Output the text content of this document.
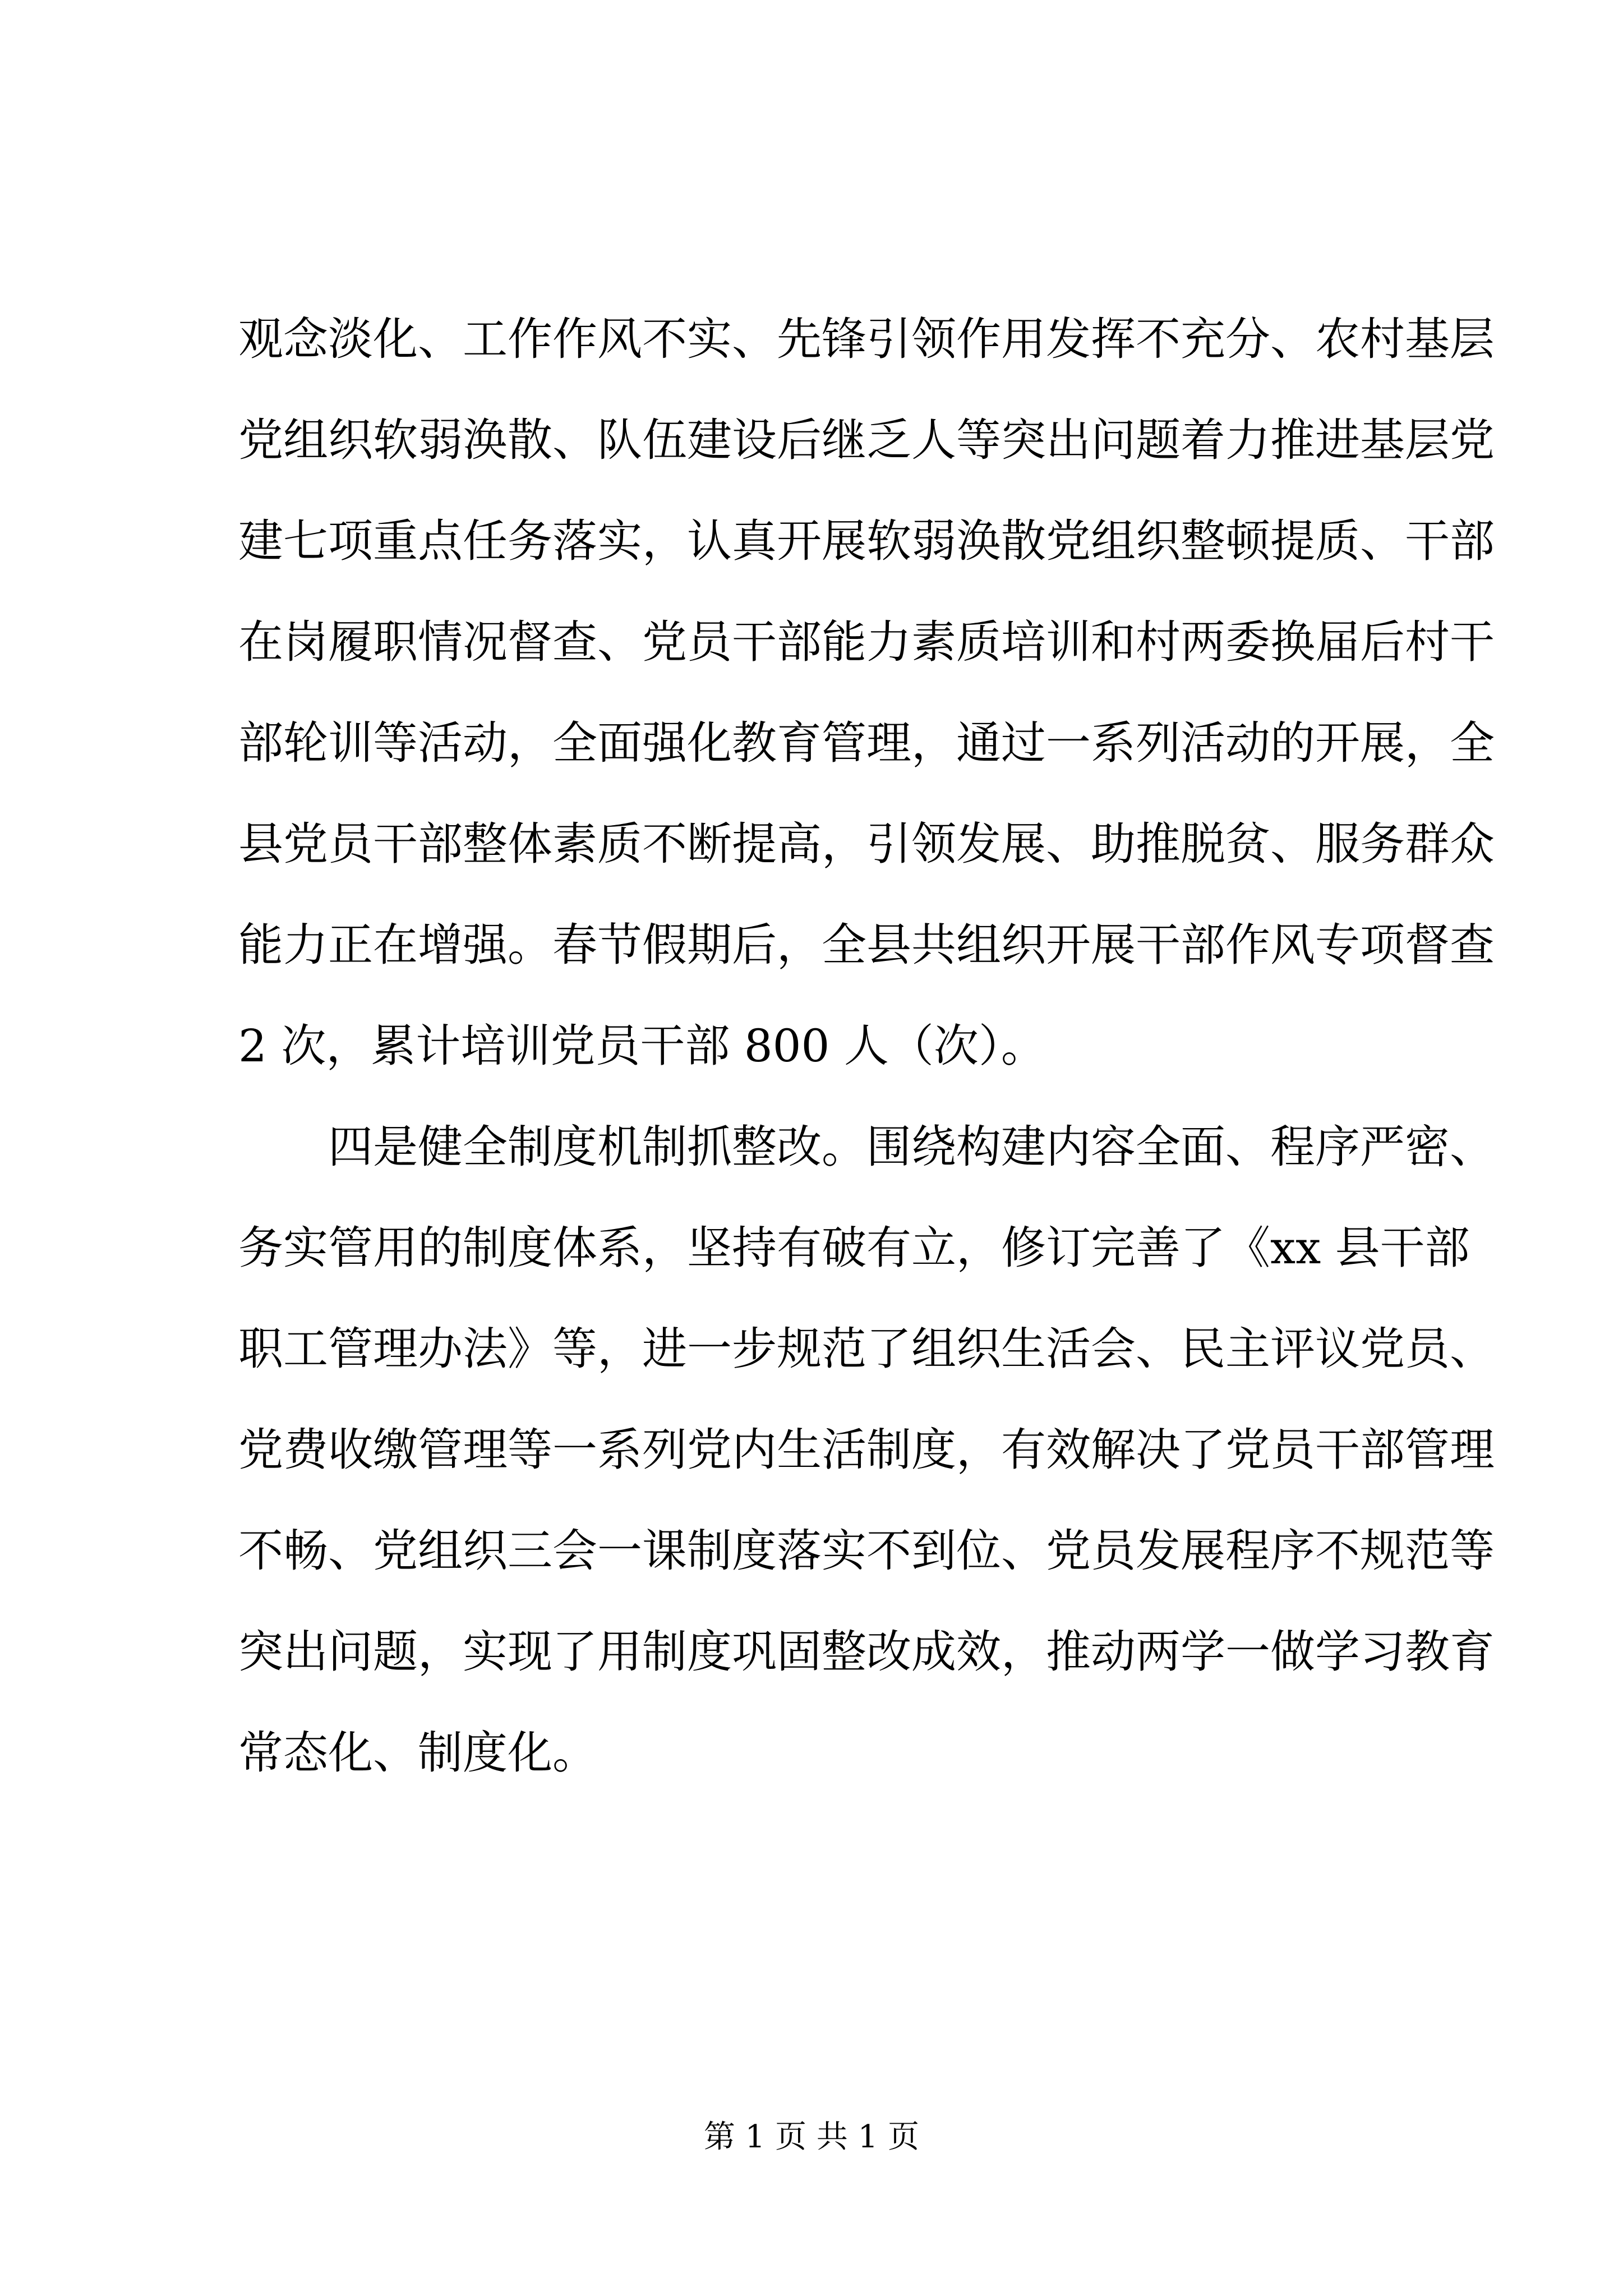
观念淡化、工作作风不实、先锋引领作用发挥不充分、农村基层
党组织软弱涣散、队伍建设后继乏人等突出问题着力推进基层党
建七项重点任务落实，认真开展软弱涣散党组织整顿提质、干部
在岗履职情况督查、党员干部能力素质培训和村两委换届后村干
部轮训等活动，全面强化教育管理，通过一系列活动的开展，全
县党员干部整体素质不断提高，引领发展、助推脱贫、服务群众
能力正在增强。春节假期后，全县共组织开展干部作风专项督查
2 次，累计培训党员干部 800 人（次）。
四是健全制度机制抓整改。围绕构建内容全面、程序严密、
务实管用的制度体系，坚持有破有立，修订完善了《xx 县干部
职工管理办法》等，进一步规范了组织生活会、民主评议党员、
党费收缴管理等一系列党内生活制度，有效解决了党员干部管理
不畅、党组织三会一课制度落实不到位、党员发展程序不规范等
突出问题，实现了用制度巩固整改成效，推动两学一做学习教育
常态化、制度化。
第 1 页 共 1 页
